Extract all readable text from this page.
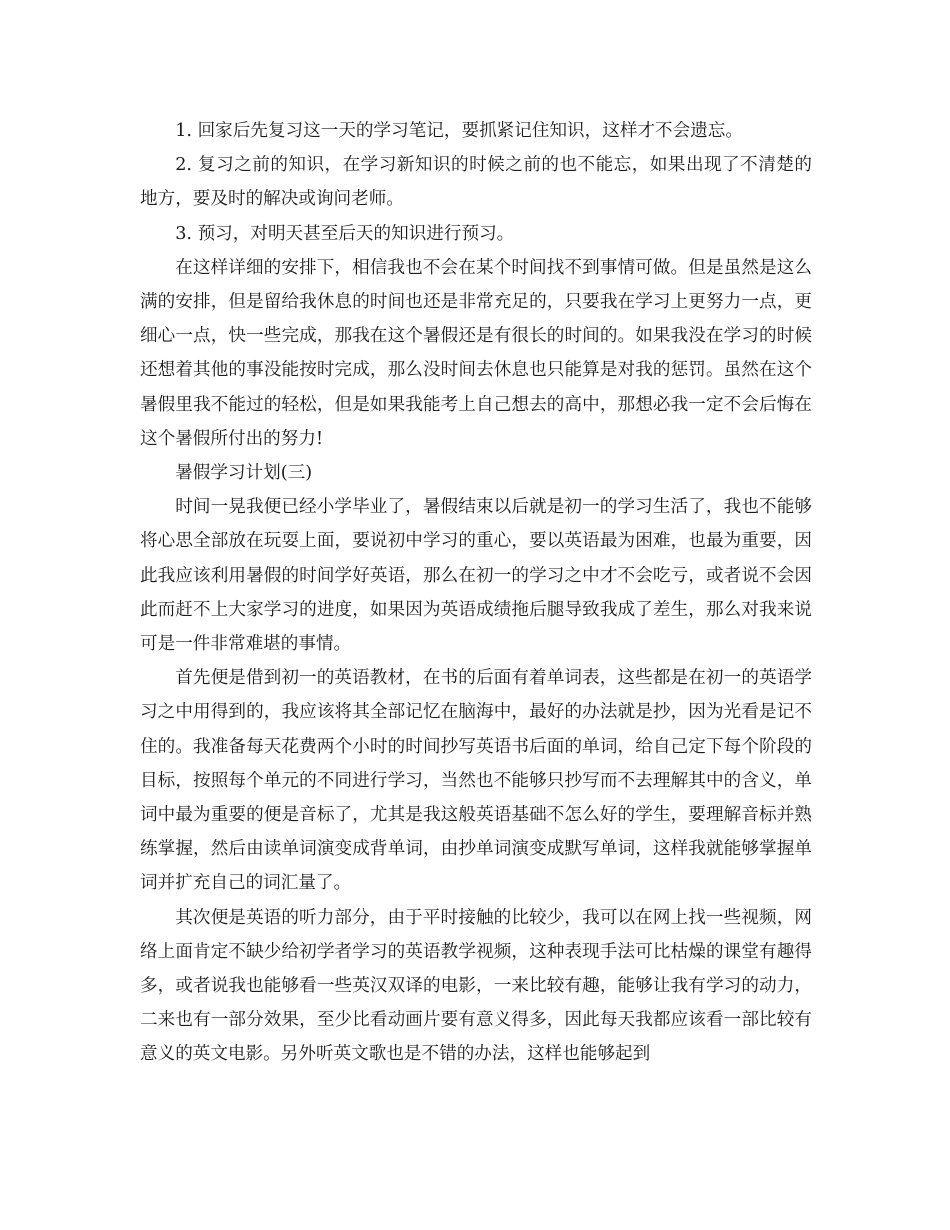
1. 回家后先复习这一天的学习笔记，要抓紧记住知识，这样才不会遗忘。

2. 复习之前的知识，在学习新知识的时候之前的也不能忘，如果出现了不清楚的地方，要及时的解决或询问老师。

3. 预习，对明天甚至后天的知识进行预习。

在这样详细的安排下，相信我也不会在某个时间找不到事情可做。但是虽然是这么满的安排，但是留给我休息的时间也还是非常充足的，只要我在学习上更努力一点，更细心一点，快一些完成，那我在这个暑假还是有很长的时间的。如果我没在学习的时候还想着其他的事没能按时完成，那么没时间去休息也只能算是对我的惩罚。虽然在这个暑假里我不能过的轻松，但是如果我能考上自己想去的高中，那想必我一定不会后悔在这个暑假所付出的努力!

暑假学习计划(三)

时间一晃我便已经小学毕业了，暑假结束以后就是初一的学习生活了，我也不能够将心思全部放在玩耍上面，要说初中学习的重心，要以英语最为困难，也最为重要，因此我应该利用暑假的时间学好英语，那么在初一的学习之中才不会吃亏，或者说不会因此而赶不上大家学习的进度，如果因为英语成绩拖后腿导致我成了差生，那么对我来说可是一件非常难堪的事情。

首先便是借到初一的英语教材，在书的后面有着单词表，这些都是在初一的英语学习之中用得到的，我应该将其全部记忆在脑海中，最好的办法就是抄，因为光看是记不住的。我准备每天花费两个小时的时间抄写英语书后面的单词，给自己定下每个阶段的目标，按照每个单元的不同进行学习，当然也不能够只抄写而不去理解其中的含义，单词中最为重要的便是音标了，尤其是我这般英语基础不怎么好的学生，要理解音标并熟练掌握，然后由读单词演变成背单词，由抄单词演变成默写单词，这样我就能够掌握单词并扩充自己的词汇量了。

其次便是英语的听力部分，由于平时接触的比较少，我可以在网上找一些视频，网络上面肯定不缺少给初学者学习的英语教学视频，这种表现手法可比枯燥的课堂有趣得多，或者说我也能够看一些英汉双译的电影，一来比较有趣，能够让我有学习的动力，二来也有一部分效果，至少比看动画片要有意义得多，因此每天我都应该看一部比较有意义的英文电影。另外听英文歌也是不错的办法，这样也能够起到
